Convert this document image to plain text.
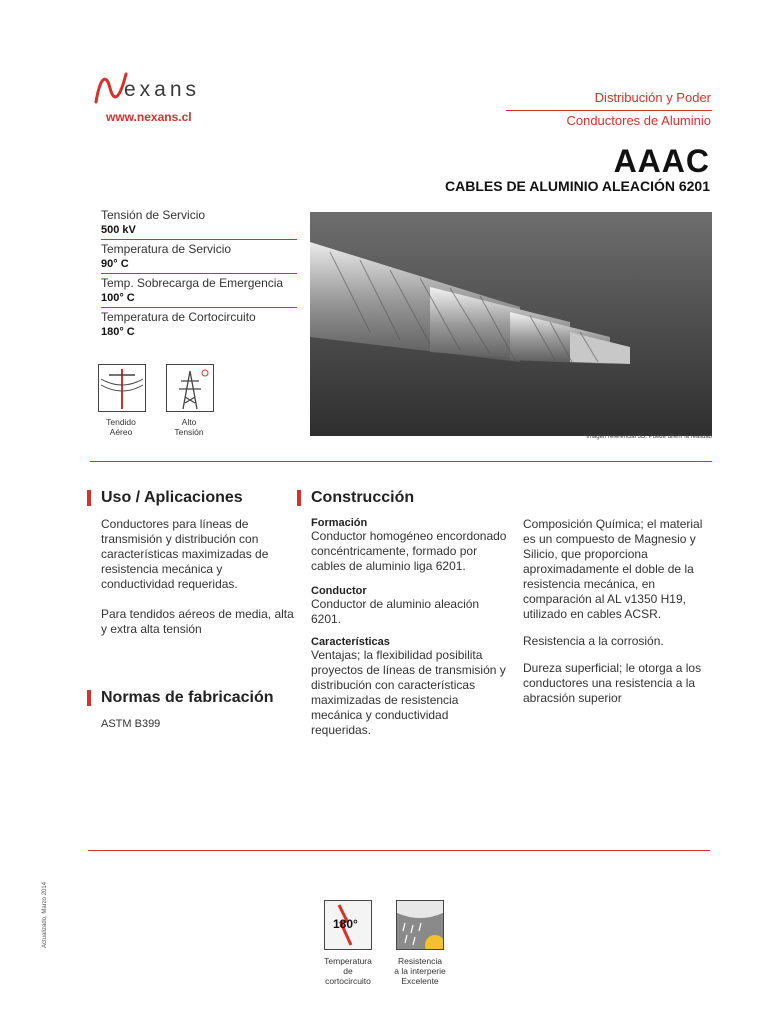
exans
www.nexans.cl
Distribución y Poder
Conductores de Aluminio
AAAC
CABLES DE ALUMINIO ALEACIÓN 6201
Tensión de Servicio
500 kV
Temperatura de Servicio
90° C
Temp. Sobrecarga de Emergencia
100° C
Temperatura de Cortocircuito
180° C
Tendido
Aéreo
Alto
Tensión	*Imagen referencial 3D. Puede diferir la realidad
Uso / Aplicaciones
Conductores para líneas de transmisión y distribución con características maximizadas de resistencia mecánica y conductividad requeridas.
Para tendidos aéreos de media, alta y extra alta tensión
Normas de fabricación
ASTM B399
Construcción
Formación
Conductor homogéneo encordonado concéntricamente, formado por cables de aluminio liga 6201.
Conductor
Conductor de aluminio aleación 6201.
Características
Ventajas; la flexibilidad posibilita proyectos de líneas de transmisión y distribución con características maximizadas de resistencia mecánica y conductividad requeridas.
Composición Química; el material es un compuesto de Magnesio y Silicio, que proporciona aproximadamente el doble de la resistencia mecánica, en comparación al AL v1350 H19, utilizado en cables ACSR.
Resistencia a la corrosión.
Dureza superficial; le otorga a los conductores una resistencia a la abracsión superior
180°
Temperatura
de
cortocircuito
Resistencia
a la interperie
Excelente
Actualizado, Marzo 2014
